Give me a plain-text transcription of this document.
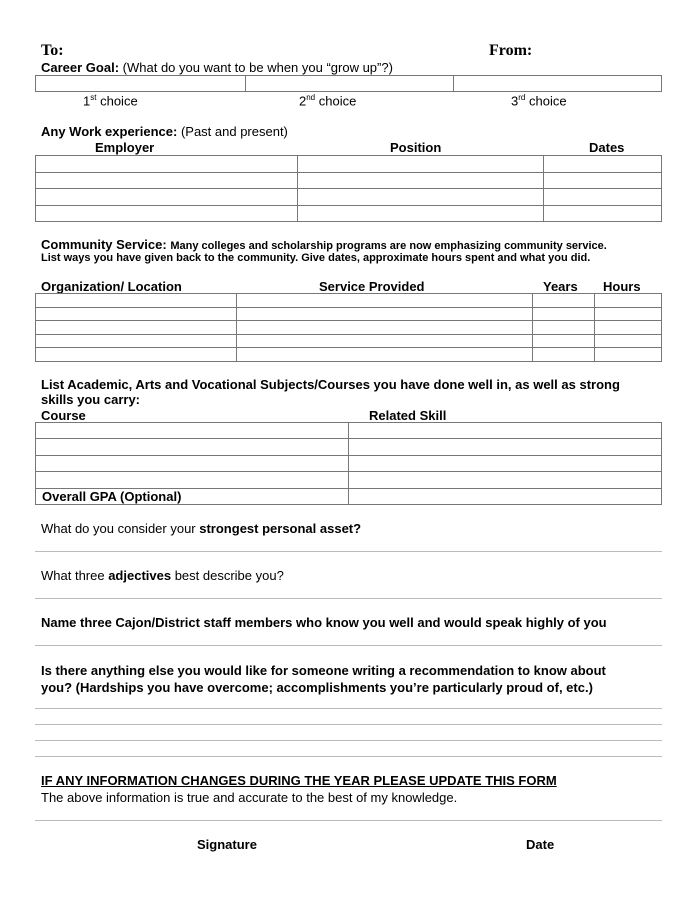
To:	From:
Career Goal: (What do you want to be when you “grow up”?)

1st choice	2nd choice	3rd choice
Any Work experience: (Past and present)
Employer	Position	Dates

Community Service: Many colleges and scholarship programs are now emphasizing community service.
List ways you have given back to the community. Give dates, approximate hours spent and what you did.
Organization/ Location	Service Provided	Years Hours

List Academic, Arts and Vocational Subjects/Courses you have done well in, as well as strong
skills you carry:
Course	Related Skill

Overall GPA (Optional)	
What do you consider your strongest personal asset?
What three adjectives best describe you?
Name three Cajon/District staff members who know you well and would speak highly of you
Is there anything else you would like for someone writing a recommendation to know about
you? (Hardships you have overcome; accomplishments you’re particularly proud of, etc.)
IF ANY INFORMATION CHANGES DURING THE YEAR PLEASE UPDATE THIS FORM
The above information is true and accurate to the best of my knowledge.
Signature	Date
